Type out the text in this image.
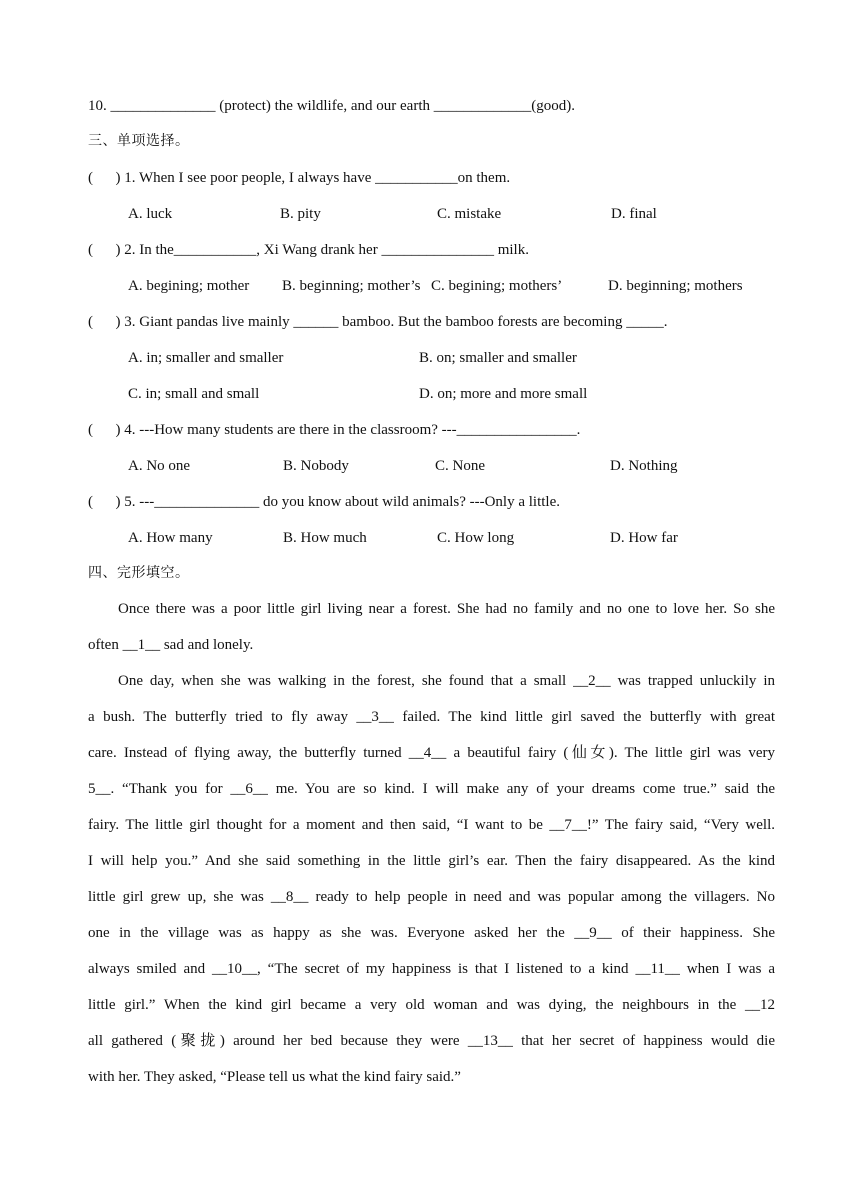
10. ______________ (protect) the wildlife, and our earth _____________(good).
三、单项选择。
(      ) 1. When I see poor people, I always have ___________on them.

A. luck

	B. pity

	C. mistake

	D. final

(      ) 2. In the___________, Xi Wang drank her _______________ milk.

A. begining; mother

B. beginning; mother’s

C. begining; mothers’

	D. beginning; mothers

(      ) 3. Giant pandas live mainly ______ bamboo. But the bamboo forests are becoming _____.

A. in; smaller and smaller

	B. on; smaller and smaller

C. in; small and small

	D. on; more and more small

(      ) 4. ---How many students are there in the classroom? ---________________.

A. No one

	B. Nobody

	C. None

	D. Nothing

(      ) 5. ---______________ do you know about wild animals? ---Only a little.

A. How many

	B. How much

	C. How long

	D. How far

四、完形填空。
Once there was a poor little girl living near a forest. She had no family and no one to love her. So she
often __1__ sad and lonely.
One day, when she was walking in the forest, she found that a small __2__ was trapped unluckily in
a bush. The butterfly tried to fly away __3__ failed. The kind little girl saved the butterfly with great
care. Instead of flying away, the butterfly turned __4__ a beautiful fairy (仙女). The little girl was very
5__. “Thank you for __6__ me. You are so kind. I will make any of your dreams come true.” said the
fairy. The little girl thought for a moment and then said, “I want to be __7__!” The fairy said, “Very well.
I will help you.” And she said something in the little girl’s ear. Then the fairy disappeared. As the kind
little girl grew up, she was __8__ ready to help people in need and was popular among the villagers. No
one in the village was as happy as she was. Everyone asked her the __9__ of their happiness. She
always smiled and __10__, “The secret of my happiness is that I listened to a kind __11__ when I was a
little girl.” When the kind girl became a very old woman and was dying, the neighbours in the __12
all gathered (聚拢) around her bed because they were __13__ that her secret of happiness would die
with her. They asked, “Please tell us what the kind fairy said.”
